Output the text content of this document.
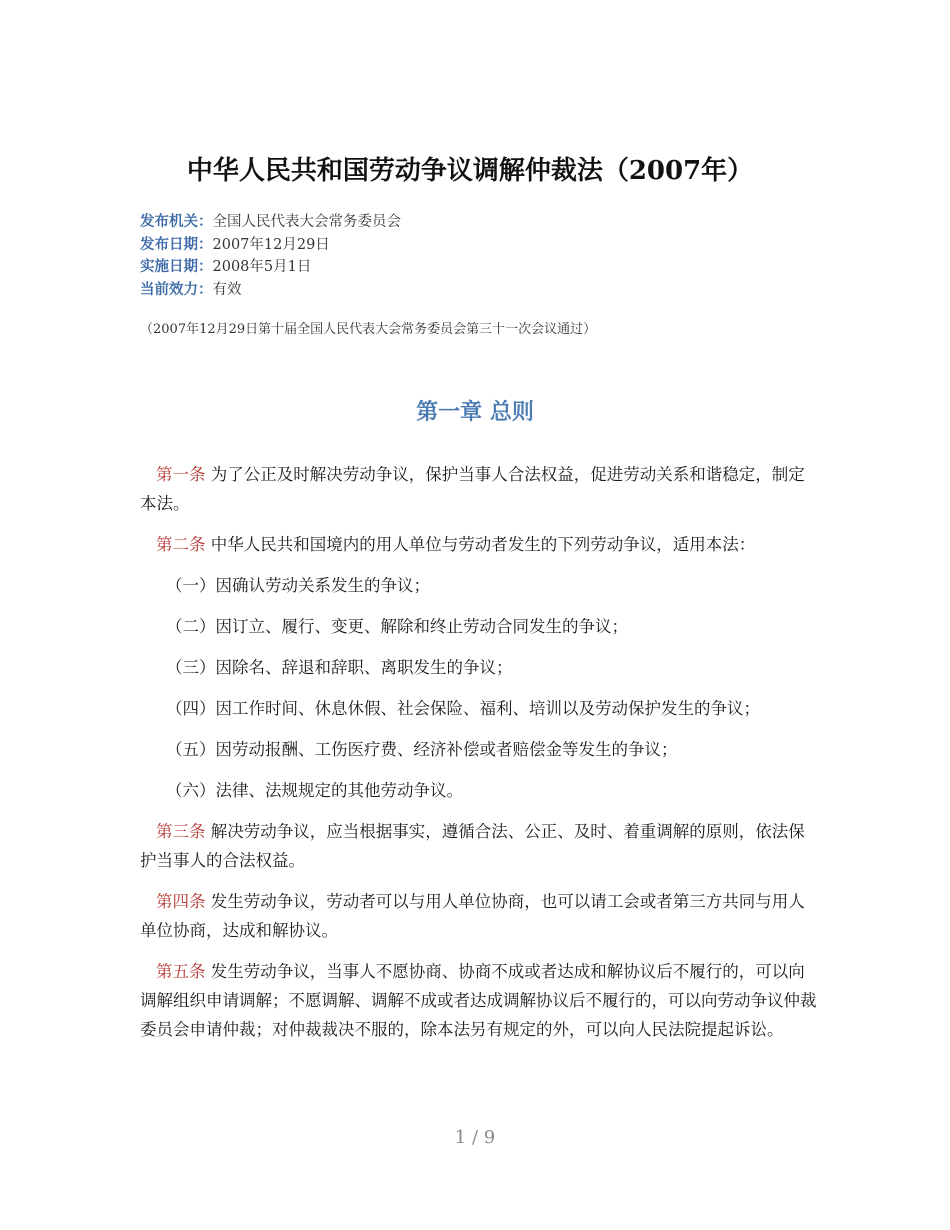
中华人民共和国劳动争议调解仲裁法（2007年）
发布机关：全国人民代表大会常务委员会
发布日期：2007年12月29日
实施日期：2008年5月1日
当前效力：有效
（2007年12月29日第十届全国人民代表大会常务委员会第三十一次会议通过）
第一章 总则

第一条 为了公正及时解决劳动争议，保护当事人合法权益，促进劳动关系和谐稳定，制定本法。

第二条 中华人民共和国境内的用人单位与劳动者发生的下列劳动争议，适用本法：

（一）因确认劳动关系发生的争议；

（二）因订立、履行、变更、解除和终止劳动合同发生的争议；

（三）因除名、辞退和辞职、离职发生的争议；

（四）因工作时间、休息休假、社会保险、福利、培训以及劳动保护发生的争议；

（五）因劳动报酬、工伤医疗费、经济补偿或者赔偿金等发生的争议；

（六）法律、法规规定的其他劳动争议。

第三条 解决劳动争议，应当根据事实，遵循合法、公正、及时、着重调解的原则，依法保护当事人的合法权益。

第四条 发生劳动争议，劳动者可以与用人单位协商，也可以请工会或者第三方共同与用人单位协商，达成和解协议。

第五条 发生劳动争议，当事人不愿协商、协商不成或者达成和解协议后不履行的，可以向调解组织申请调解；不愿调解、调解不成或者达成调解协议后不履行的，可以向劳动争议仲裁委员会申请仲裁；对仲裁裁决不服的，除本法另有规定的外，可以向人民法院提起诉讼。

1 / 9
